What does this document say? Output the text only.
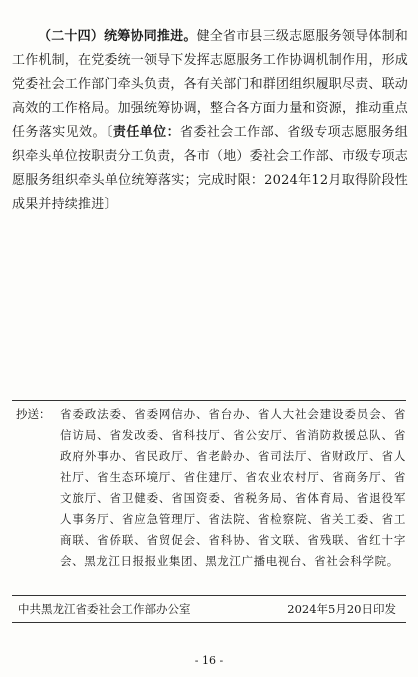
（二十四）统筹协同推进。健全省市县三级志愿服务领导体制和工作机制，在党委统一领导下发挥志愿服务工作协调机制作用，形成党委社会工作部门牵头负责，各有关部门和群团组织履职尽责、联动高效的工作格局。加强统筹协调，整合各方面力量和资源，推动重点任务落实见效。〔责任单位：省委社会工作部、省级专项志愿服务组织牵头单位按职责分工负责，各市（地）委社会工作部、市级专项志愿服务组织牵头单位统筹落实；完成时限：2024年12月取得阶段性成果并持续推进〕
抄送： 省委政法委、省委网信办、省台办、省人大社会建设委员会、省信访局、省发改委、省科技厅、省公安厅、省消防救援总队、省政府外事办、省民政厅、省老龄办、省司法厅、省财政厅、省人社厅、省生态环境厅、省住建厅、省农业农村厅、省商务厅、省文旅厅、省卫健委、省国资委、省税务局、省体育局、省退役军人事务厅、省应急管理厅、省法院、省检察院、省关工委、省工商联、省侨联、省贸促会、省科协、省文联、省残联、省红十字会、黑龙江日报报业集团、黑龙江广播电视台、省社会科学院。
中共黑龙江省委社会工作部办公室	2024年5月20日印发
- 16 -
